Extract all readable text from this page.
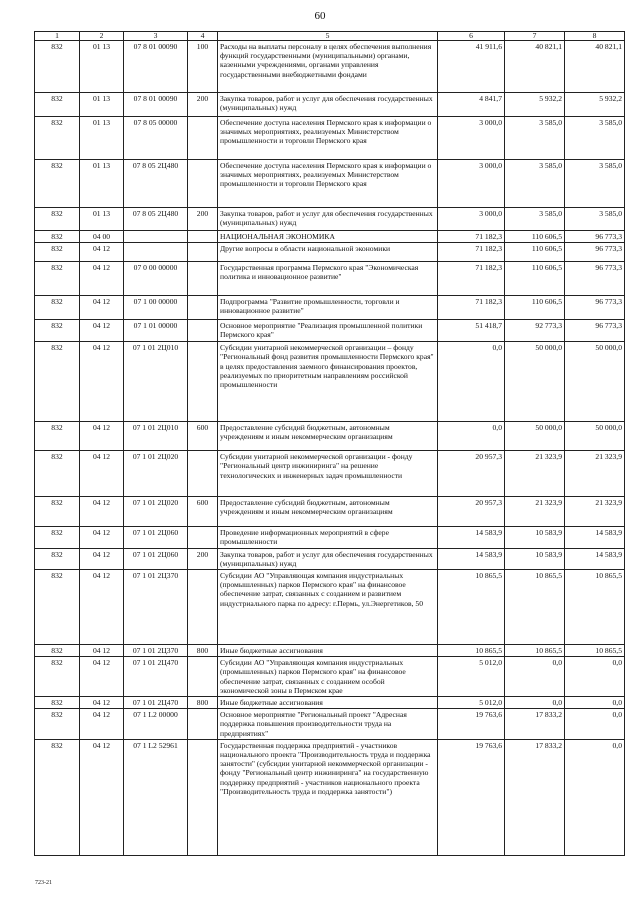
60
1	2	3	4	5	6	7	8
832	01 13	07 8 01 00090	100	Расходы на выплаты персоналу в целях обеспечения выполнения функций государственными (муниципальными) органами, казенными учреждениями, органами управления государственными внебюджетными фондами	41 911,6	40 821,1	40 821,1
832	01 13	07 8 01 00090	200	Закупка товаров, работ и услуг для обеспечения государственных (муниципальных) нужд	4 841,7	5 932,2	5 932,2
832	01 13	07 8 05 00000		Обеспечение доступа населения Пермского края к информации о значимых мероприятиях, реализуемых Министерством промышленности и торговли Пермского края	3 000,0	3 585,0	3 585,0
832	01 13	07 8 05 2Ц480		Обеспечение доступа населения Пермского края к информации о значимых мероприятиях, реализуемых Министерством промышленности и торговли Пермского края	3 000,0	3 585,0	3 585,0
832	01 13	07 8 05 2Ц480	200	Закупка товаров, работ и услуг для обеспечения государственных (муниципальных) нужд	3 000,0	3 585,0	3 585,0
832	04 00			НАЦИОНАЛЬНАЯ ЭКОНОМИКА	71 182,3	110 606,5	96 773,3
832	04 12			Другие вопросы в области национальной экономики	71 182,3	110 606,5	96 773,3
832	04 12	07 0 00 00000		Государственная программа Пермского края "Экономическая политика и инновационное развитие"	71 182,3	110 606,5	96 773,3
832	04 12	07 1 00 00000		Подпрограмма "Развитие промышленности, торговли и инновационное развитие"	71 182,3	110 606,5	96 773,3
832	04 12	07 1 01 00000		Основное мероприятие "Реализация промышленной политики Пермского края"	51 418,7	92 773,3	96 773,3
832	04 12	07 1 01 2Ц010		Субсидии унитарной некоммерческой организации – фонду "Региональный фонд развития промышленности Пермского края" в целях предоставления заемного финансирования проектов, реализуемых по приоритетным направлениям российской промышленности	0,0	50 000,0	50 000,0
832	04 12	07 1 01 2Ц010	600	Предоставление субсидий бюджетным, автономным учреждениям и иным некоммерческим организациям	0,0	50 000,0	50 000,0
832	04 12	07 1 01 2Ц020		Субсидии унитарной некоммерческой организации - фонду "Региональный центр инжиниринга" на решение технологических и инженерных задач промышленности	20 957,3	21 323,9	21 323,9
832	04 12	07 1 01 2Ц020	600	Предоставление субсидий бюджетным, автономным учреждениям и иным некоммерческим организациям	20 957,3	21 323,9	21 323,9
832	04 12	07 1 01 2Ц060		Проведение информационных мероприятий в сфере промышленности	14 583,9	10 583,9	14 583,9
832	04 12	07 1 01 2Ц060	200	Закупка товаров, работ и услуг для обеспечения государственных (муниципальных) нужд	14 583,9	10 583,9	14 583,9
832	04 12	07 1 01 2Ц370		Субсидии АО "Управляющая компания индустриальных (промышленных) парков Пермского края" на финансовое обеспечение затрат, связанных с созданием и развитием индустриального парка по адресу: г.Пермь, ул.Энергетиков, 50	10 865,5	10 865,5	10 865,5
832	04 12	07 1 01 2Ц370	800	Иные бюджетные ассигнования	10 865,5	10 865,5	10 865,5
832	04 12	07 1 01 2Ц470		Субсидии АО "Управляющая компания индустриальных (промышленных) парков Пермского края" на финансовое обеспечение затрат, связанных с созданием особой экономической зоны в Пермском крае	5 012,0	0,0	0,0
832	04 12	07 1 01 2Ц470	800	Иные бюджетные ассигнования	5 012,0	0,0	0,0
832	04 12	07 1 L2 00000		Основное мероприятие "Региональный проект "Адресная поддержка повышения производительности труда на предприятиях"	19 763,6	17 833,2	0,0
832	04 12	07 1 L2 52961		Государственная поддержка предприятий - участников национального проекта "Производительность труда и поддержка занятости" (субсидии унитарной некоммерческой организации - фонду "Региональный центр инжиниринга" на государственную поддержку предприятий - участников национального проекта "Производительность труда и поддержка занятости")	19 763,6	17 833,2	0,0
723-21
